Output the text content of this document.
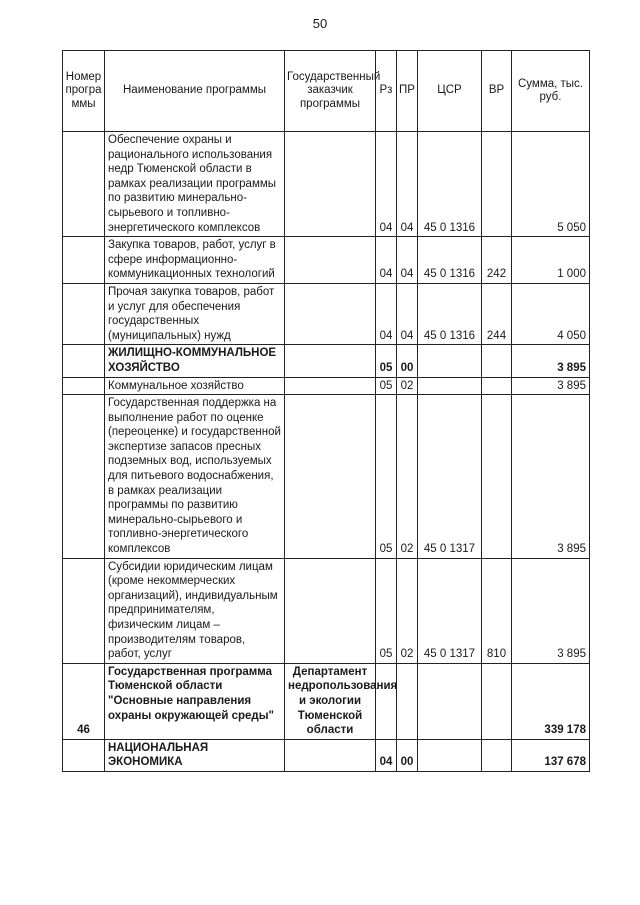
50
Номер программы	Наименование программы	Государственный заказчик программы	Рз	ПР	ЦСР	ВР	Сумма, тыс. руб.
	Обеспечение охраны и рационального использования недр Тюменской области в рамках реализации программы по развитию минерально-сырьевого и топливно-энергетического комплексов		04	04	45 0 1316		5 050
	Закупка товаров, работ, услуг в сфере информационно-коммуникационных технологий		04	04	45 0 1316	242	1 000
	Прочая закупка товаров, работ и услуг для обеспечения государственных (муниципальных) нужд		04	04	45 0 1316	244	4 050
	ЖИЛИЩНО-КОММУНАЛЬНОЕ ХОЗЯЙСТВО		05	00			3 895
	Коммунальное хозяйство		05	02			3 895
	Государственная поддержка на выполнение работ по оценке (переоценке) и государственной экспертизе запасов пресных подземных вод, используемых для питьевого водоснабжения, в рамках реализации программы по развитию минерально-сырьевого и топливно-энергетического комплексов		05	02	45 0 1317		3 895
	Субсидии юридическим лицам (кроме некоммерческих организаций), индивидуальным предпринимателям, физическим лицам – производителям товаров, работ, услуг		05	02	45 0 1317	810	3 895
46	Государственная программа Тюменской области "Основные направления охраны окружающей среды"	Департамент недропользования и экологии Тюменской области					339 178
	НАЦИОНАЛЬНАЯ ЭКОНОМИКА		04	00			137 678
